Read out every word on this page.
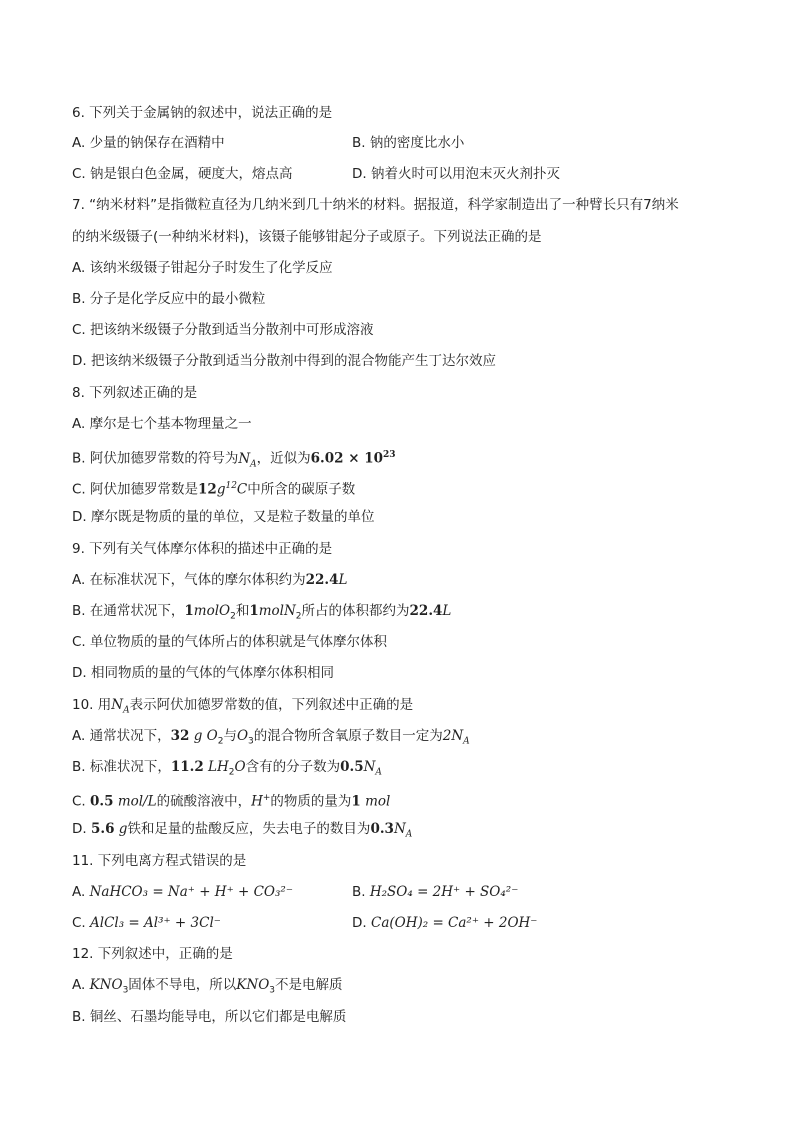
6. 下列关于金属钠的叙述中，说法正确的是
A. 少量的钠保存在酒精中	B. 钠的密度比水小
C. 钠是银白色金属，硬度大，熔点高	D. 钠着火时可以用泡末灭火剂扑灭
7. “纳米材料”是指微粒直径为几纳米到几十纳米的材料。据报道，科学家制造出了一种臂长只有7纳米
的纳米级镊子(一种纳米材料)，该镊子能够钳起分子或原子。下列说法正确的是
A. 该纳米级镊子钳起分子时发生了化学反应
B. 分子是化学反应中的最小微粒
C. 把该纳米级镊子分散到适当分散剂中可形成溶液
D. 把该纳米级镊子分散到适当分散剂中得到的混合物能产生丁达尔效应
8. 下列叙述正确的是
A. 摩尔是七个基本物理量之一
B. 阿伏加德罗常数的符号为$N_A$，近似为$6.02 \times 10^{23}$
C. 阿伏加德罗常数是$12g^{12}C$中所含的碳原子数
D. 摩尔既是物质的量的单位，又是粒子数量的单位
9. 下列有关气体摩尔体积的描述中正确的是
A. 在标准状况下，气体的摩尔体积约为22.4L
B. 在通常状况下，1molO$_2$和1molN$_2$所占的体积都约为22.4L
C. 单位物质的量的气体所占的体积就是气体摩尔体积
D. 相同物质的量的气体的气体摩尔体积相同
10. 用$N_A$表示阿伏加德罗常数的值，下列叙述中正确的是
A. 通常状况下，32 g $O_2$与$O_3$的混合物所含氧原子数目一定为$2N_A$
B. 标准状况下，11.2 $LH_2O$含有的分子数为$0.5N_A$
C. 0.5 mol/L的硫酸溶液中，H+的物质的量为1 mol
D. 5.6 g铁和足量的盐酸反应，失去电子的数目为$0.3N_A$
11. 下列电离方程式错误的是
A. NaHCO₃ = Na⁺ + H⁺ + CO₃²⁻	B. H₂SO₄ = 2H⁺ + SO₄²⁻
C. AlCl₃ = Al³⁺ + 3Cl⁻	D. Ca(OH)₂ = Ca²⁺ + 2OH⁻
12. 下列叙述中，正确的是
A. $KNO_3$固体不导电，所以$KNO_3$不是电解质
B. 铜丝、石墨均能导电，所以它们都是电解质
